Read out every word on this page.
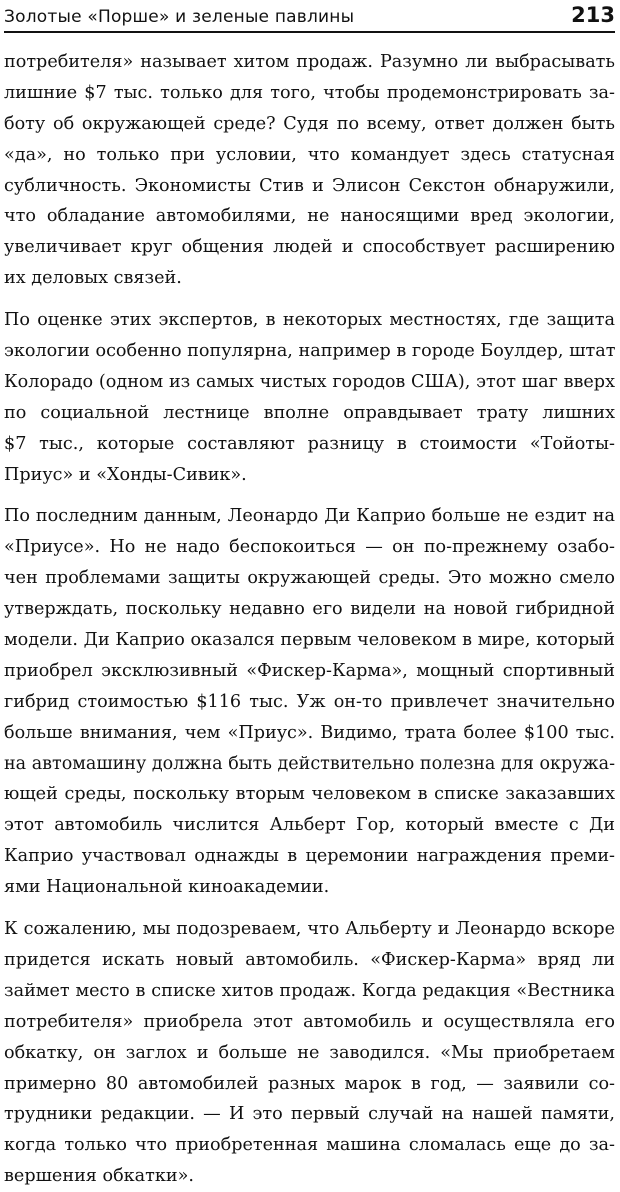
Золотые «Порше» и зеленые павлины	213

потребителя» называет хитом продаж. Разумно ли выбрасывать
лишние $7 тыс. только для того, чтобы продемонстрировать за-
боту об окружающей среде? Судя по всему, ответ должен быть
«да», но только при условии, что командует здесь статусная
субличность. Экономисты Стив и Элисон Секстон обнаружили,
что обладание автомобилями, не наносящими вред экологии,
увеличивает круг общения людей и способствует расширению
их деловых связей.

По оценке этих экспертов, в некоторых местностях, где защита
экологии особенно популярна, например в городе Боулдер, штат
Колорадо (одном из самых чистых городов США), этот шаг вверх
по социальной лестнице вполне оправдывает трату лишних
$7 тыс., которые составляют разницу в стоимости «Тойоты-
Приус» и «Хонды-Сивик».

По последним данным, Леонардо Ди Каприо больше не ездит на
«Приусе». Но не надо беспокоиться — он по-прежнему озабо-
чен проблемами защиты окружающей среды. Это можно смело
утверждать, поскольку недавно его видели на новой гибридной
модели. Ди Каприо оказался первым человеком в мире, который
приобрел эксклюзивный «Фискер-Карма», мощный спортивный
гибрид стоимостью $116 тыс. Уж он-то привлечет значительно
больше внимания, чем «Приус». Видимо, трата более $100 тыс.
на автомашину должна быть действительно полезна для окружа-
ющей среды, поскольку вторым человеком в списке заказавших
этот автомобиль числится Альберт Гор, который вместе с Ди
Каприо участвовал однажды в церемонии награждения преми-
ями Национальной киноакадемии.

К сожалению, мы подозреваем, что Альберту и Леонардо вскоре
придется искать новый автомобиль. «Фискер-Карма» вряд ли
займет место в списке хитов продаж. Когда редакция «Вестника
потребителя» приобрела этот автомобиль и осуществляла его
обкатку, он заглох и больше не заводился. «Мы приобретаем
примерно 80 автомобилей разных марок в год, — заявили со-
трудники редакции. — И это первый случай на нашей памяти,
когда только что приобретенная машина сломалась еще до за-
вершения обкатки».
